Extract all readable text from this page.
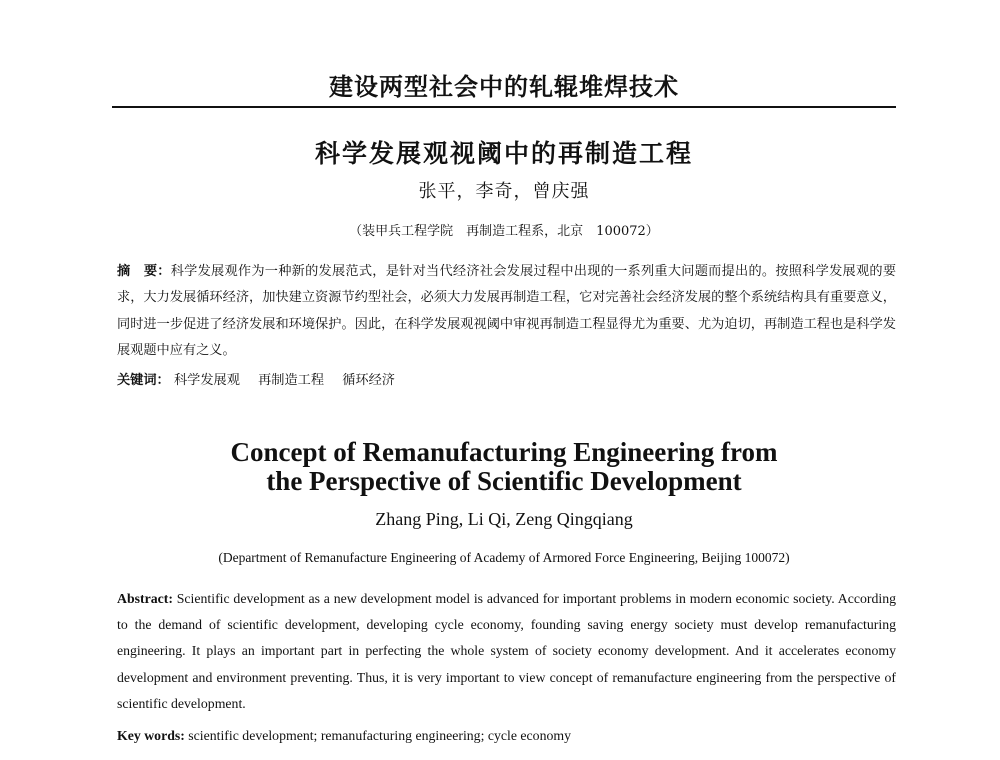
建设两型社会中的轧辊堆焊技术
科学发展观视阈中的再制造工程
张平，李奇，曾庆强
（装甲兵工程学院　再制造工程系，北京　100072）
摘　要：科学发展观作为一种新的发展范式，是针对当代经济社会发展过程中出现的一系列重大问题而提出的。按照科学发展观的要求，大力发展循环经济，加快建立资源节约型社会，必须大力发展再制造工程，它对完善社会经济发展的整个系统结构具有重要意义，同时进一步促进了经济发展和环境保护。因此，在科学发展观视阈中审视再制造工程显得尤为重要、尤为迫切，再制造工程也是科学发展观题中应有之义。
关键词： 科学发展观 再制造工程 循环经济
Concept of Remanufacturing Engineering from
the Perspective of Scientific Development
Zhang Ping, Li Qi, Zeng Qingqiang
(Department of Remanufacture Engineering of Academy of Armored Force Engineering, Beijing 100072)
Abstract: Scientific development as a new development model is advanced for important problems in modern economic society. According to the demand of scientific development, developing cycle economy, founding saving energy society must develop remanufacturing engineering. It plays an important part in perfecting the whole system of society economy development. And it accelerates economy development and environment preventing. Thus, it is very important to view concept of remanufacture engineering from the perspective of scientific development.
Key words: scientific development; remanufacturing engineering; cycle economy
